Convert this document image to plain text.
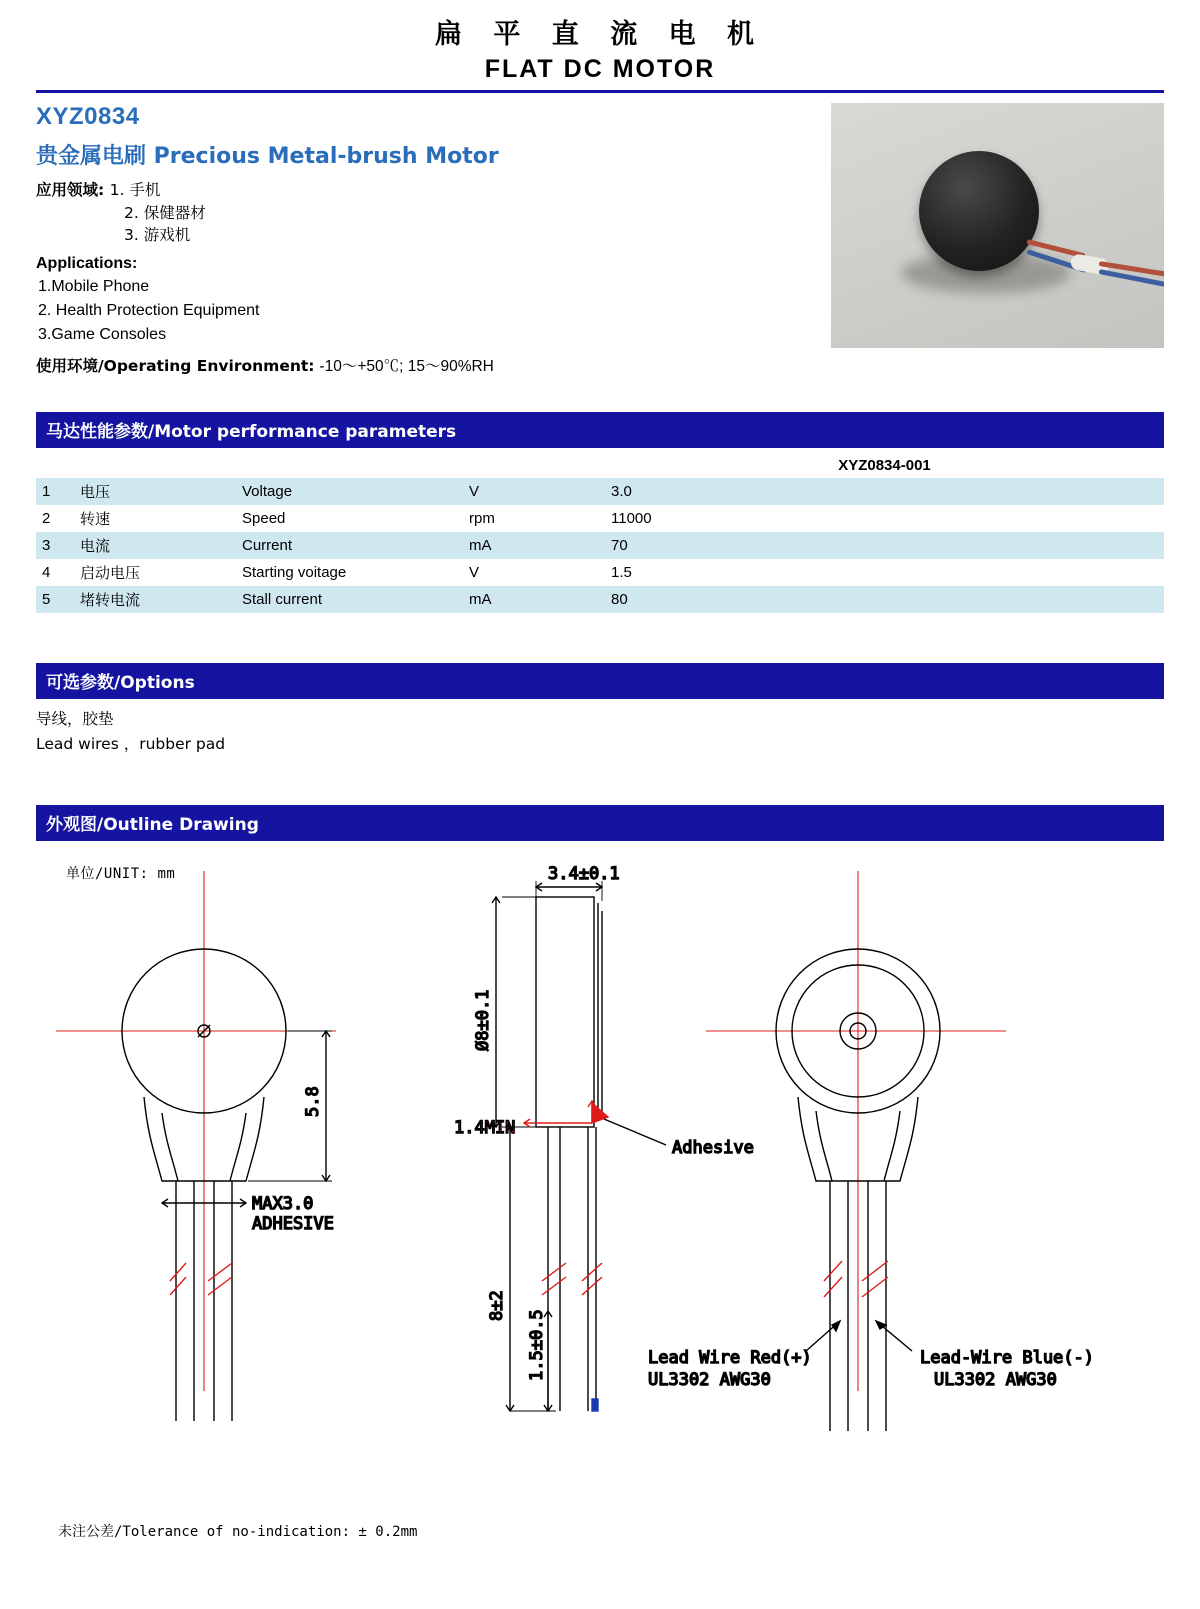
扁 平 直 流 电 机
FLAT DC MOTOR
XYZ0834
贵金属电刷 Precious Metal-brush Motor
应用领域: 1. 手机
2. 保健器材
3. 游戏机
Applications:
1.Mobile Phone
2. Health Protection Equipment
3.Game Consoles
使用环境/Operating Environment: -10～+50℃; 15～90%RH
马达性能参数/Motor performance parameters
				XYZ0834-001
1	电压	Voltage	V	3.0
2	转速	Speed	rpm	11000
3	电流	Current	mA	70
4	启动电压	Starting voitage	V	1.5
5	堵转电流	Stall current	mA	80
可选参数/Options
导线，胶垫
Lead wires ，rubber pad
外观图/Outline Drawing
单位/UNIT: mm
未注公差/Tolerance of no-indication: ± 0.2mm
5.8
MAX3.0
ADHESIVE
3.4±0.1
Ø8±0.1
1.4MIN
Adhesive
8±2
1.5±0.5	Lead Wire Red(+)
UL3302 AWG30
Lead-Wire Blue(-)
UL3302 AWG30
